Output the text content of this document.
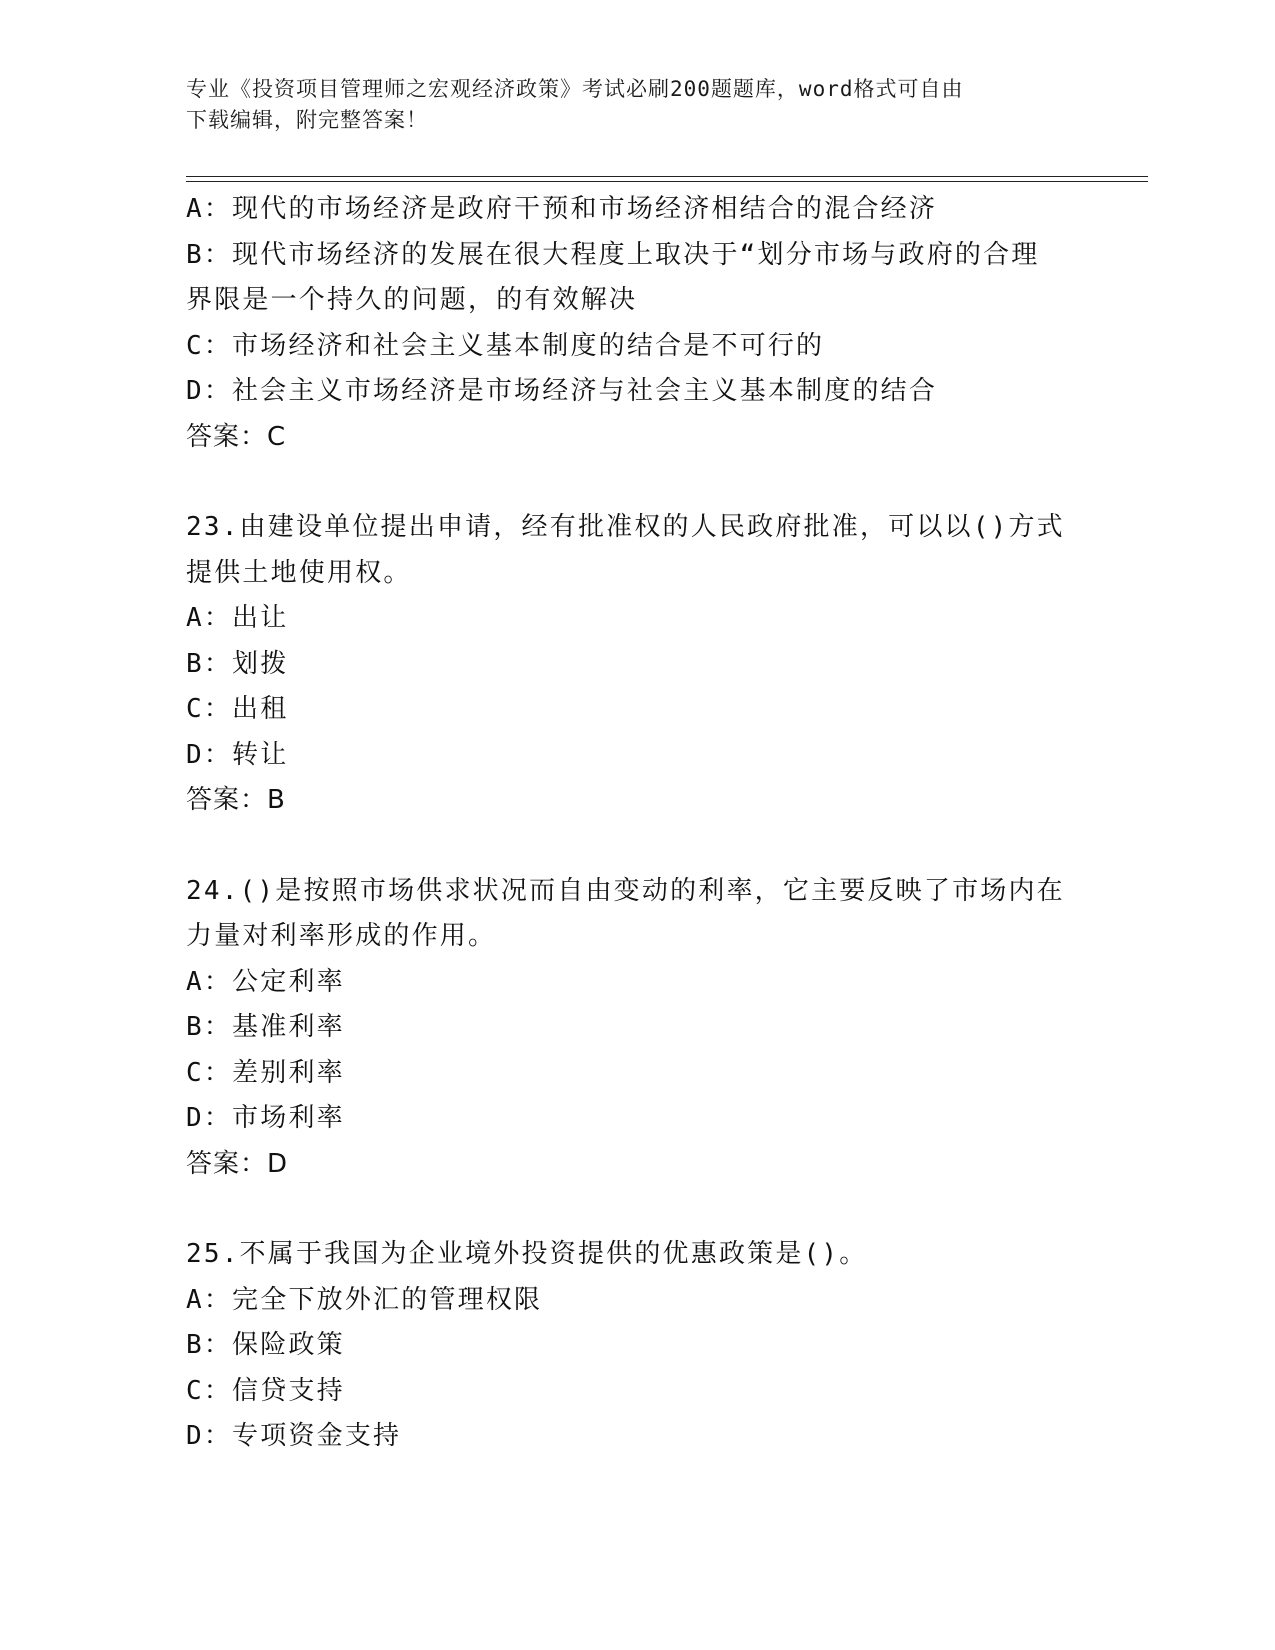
专业《投资项目管理师之宏观经济政策》考试必刷200题题库，word格式可自由
下载编辑，附完整答案！
A：现代的市场经济是政府干预和市场经济相结合的混合经济
B：现代市场经济的发展在很大程度上取决于“划分市场与政府的合理
界限是一个持久的问题，的有效解决
C：市场经济和社会主义基本制度的结合是不可行的
D：社会主义市场经济是市场经济与社会主义基本制度的结合
答案：C
23.由建设单位提出申请，经有批准权的人民政府批准，可以以()方式
提供土地使用权。
A：出让
B：划拨
C：出租
D：转让
答案：B
24.()是按照市场供求状况而自由变动的利率，它主要反映了市场内在
力量对利率形成的作用。
A：公定利率
B：基准利率
C：差别利率
D：市场利率
答案：D
25.不属于我国为企业境外投资提供的优惠政策是()。
A：完全下放外汇的管理权限
B：保险政策
C：信贷支持
D：专项资金支持
